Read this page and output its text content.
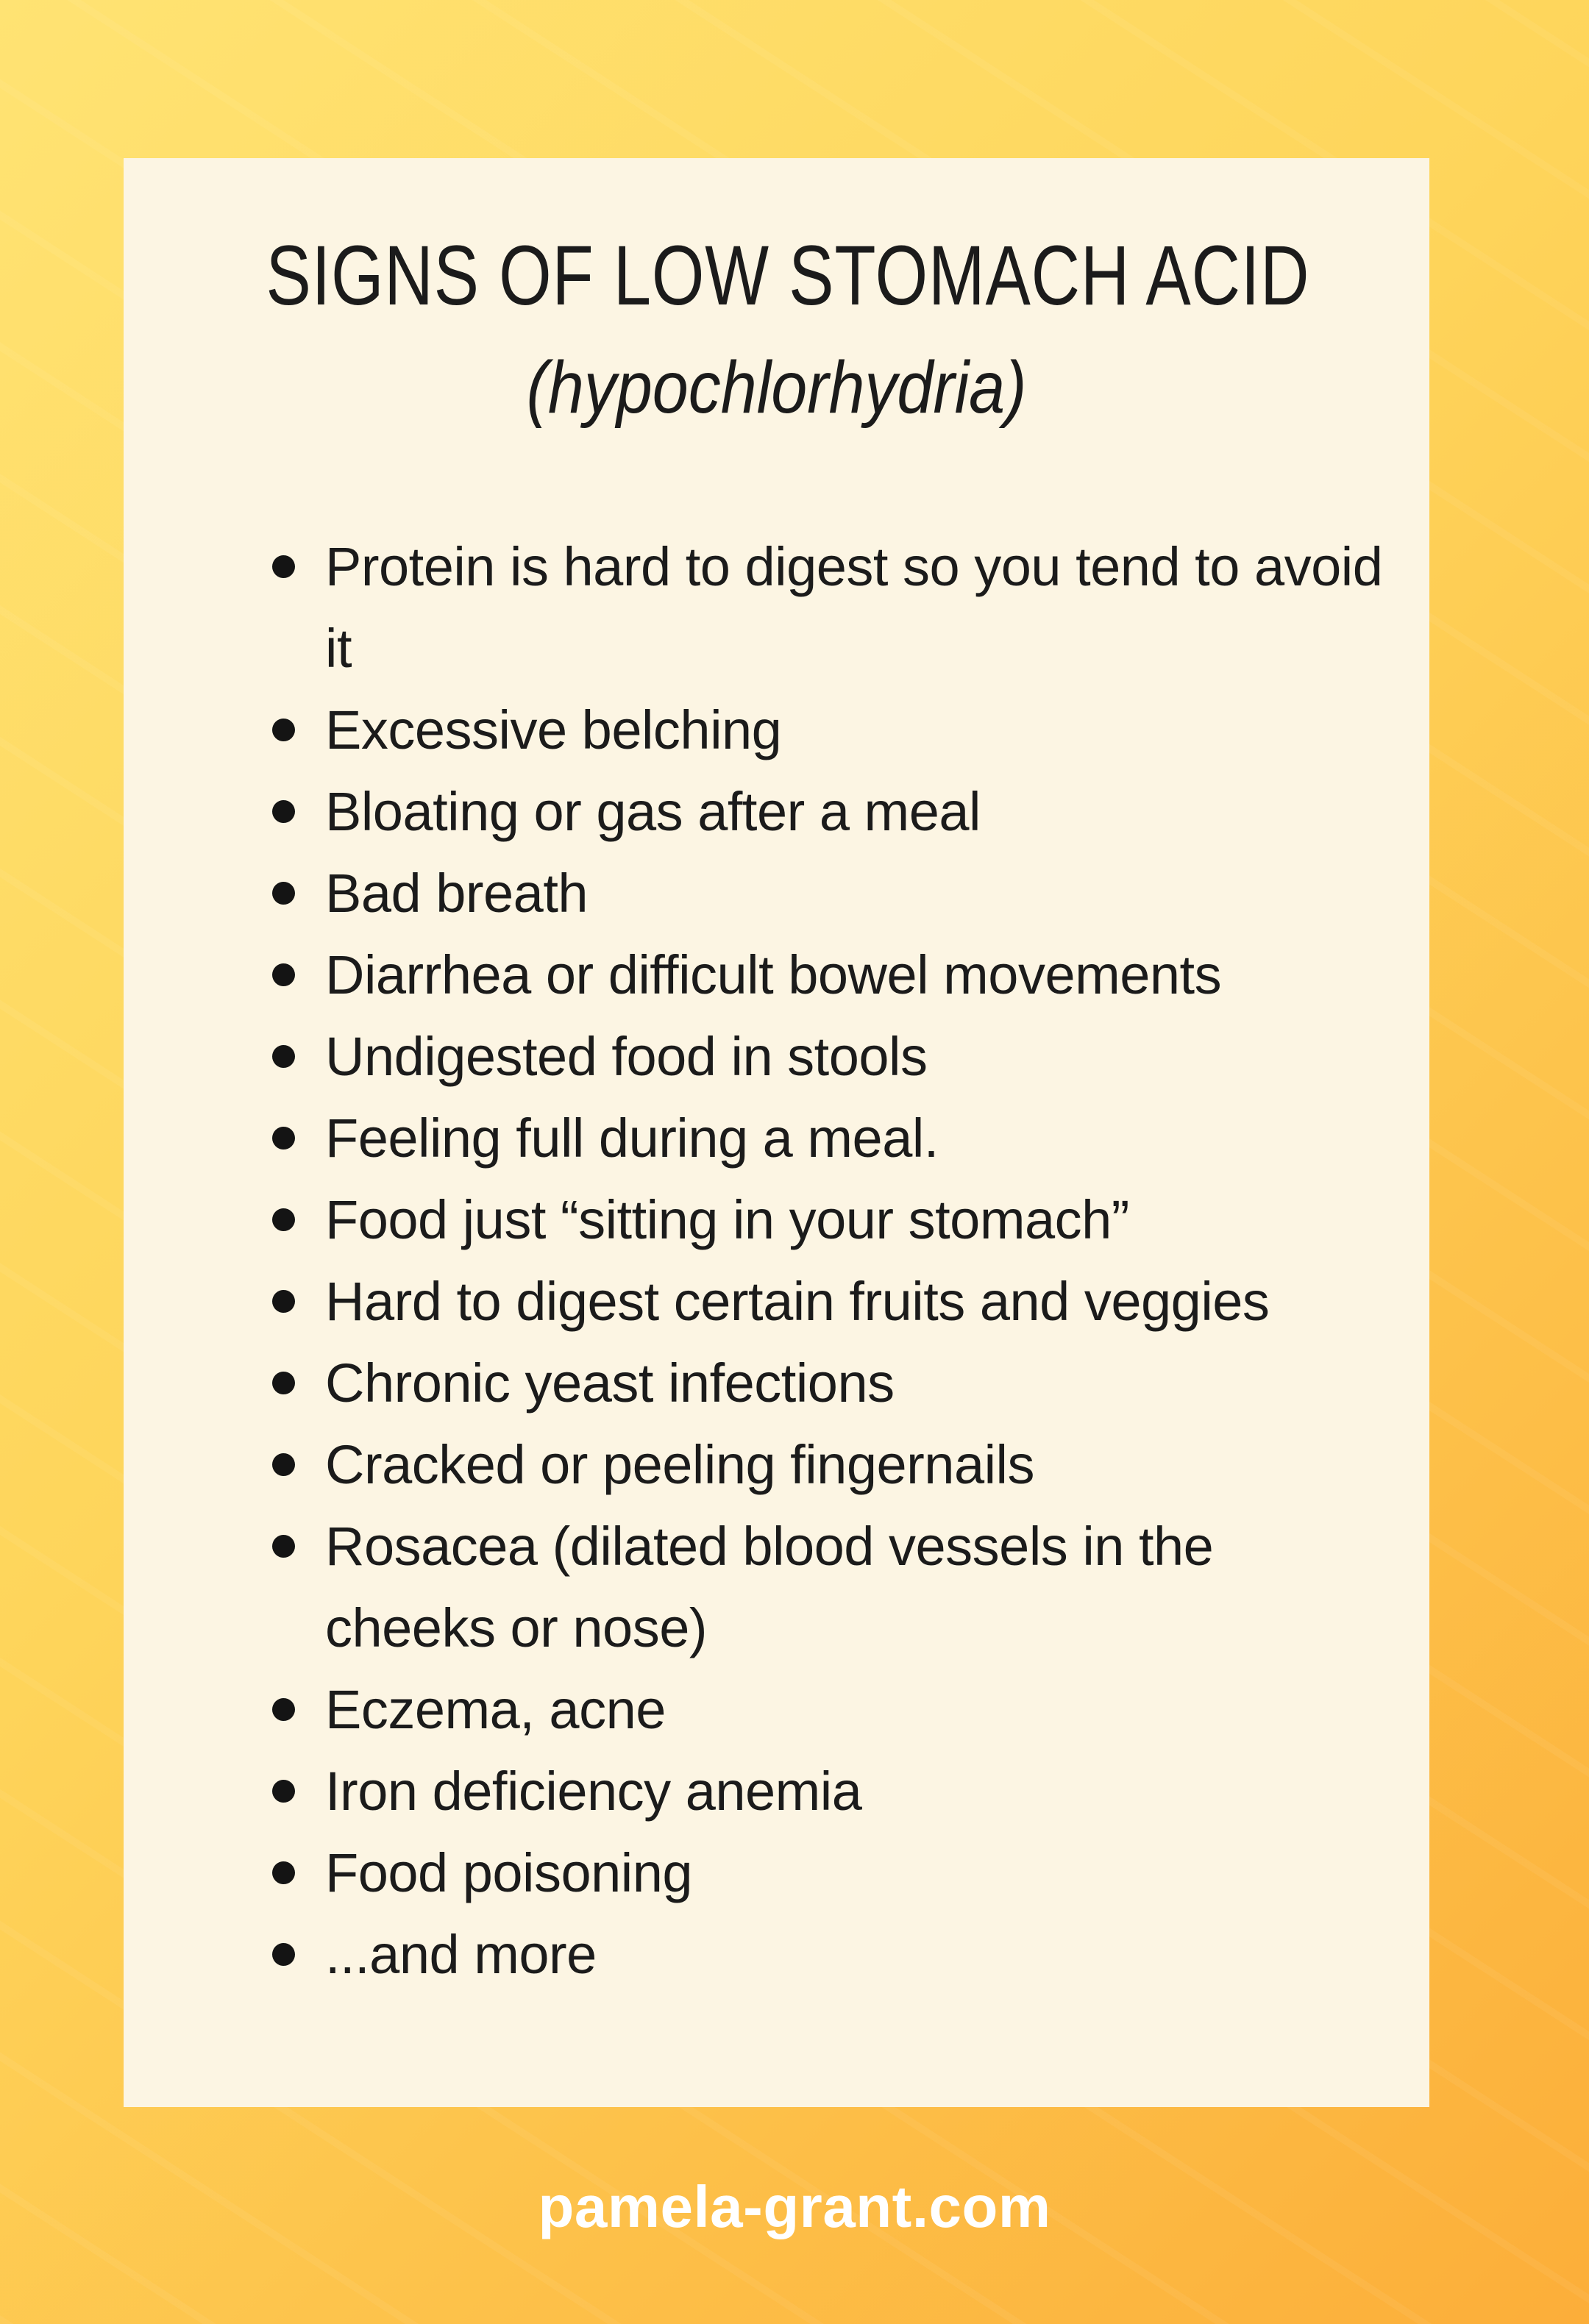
SIGNS OF LOW STOMACH ACID
(hypochlorhydria)
Protein is hard to digest so you tend to avoid it
Excessive belching
Bloating or gas after a meal
Bad breath
Diarrhea or difficult bowel movements
Undigested food in stools
Feeling full during a meal.
Food just “sitting in your stomach”
Hard to digest certain fruits and veggies
Chronic yeast infections
Cracked or peeling fingernails
Rosacea (dilated blood vessels in the cheeks or nose)
Eczema, acne
Iron deficiency anemia
Food poisoning
...and more
pamela-grant.com
